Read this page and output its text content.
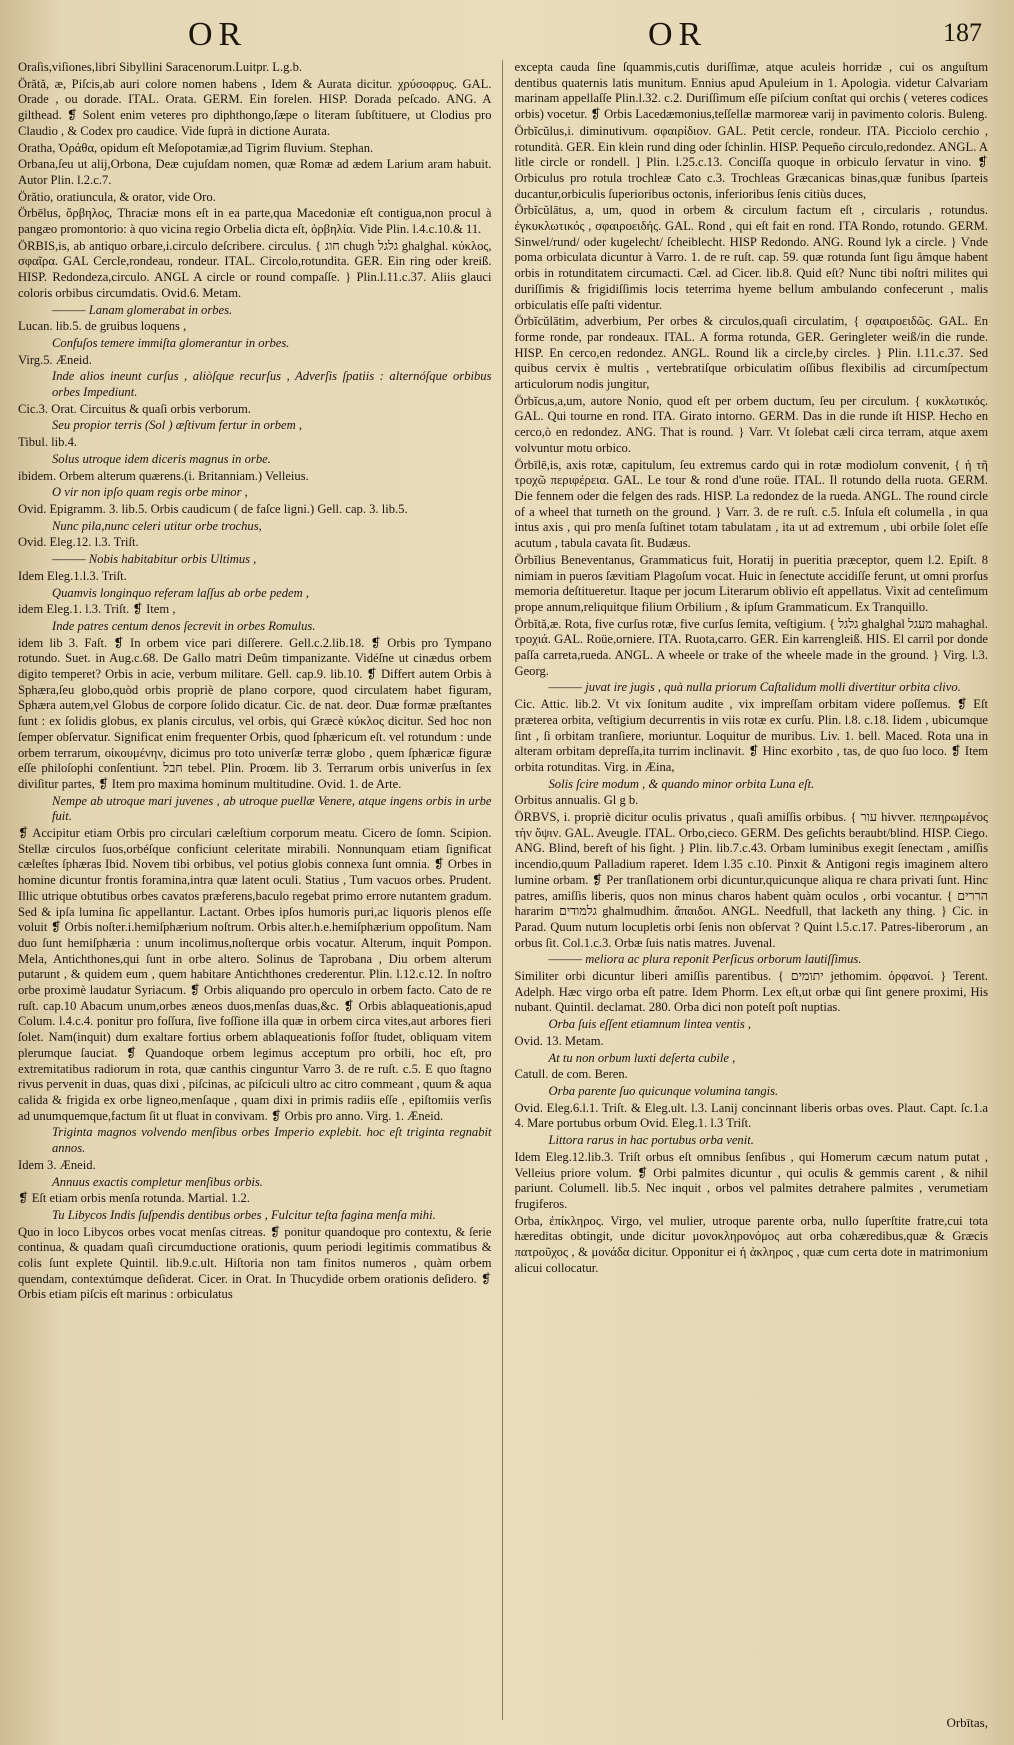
OR	OR	187

Oraſis,viſiones,libri Sibyllini Saracenorum.Luitpr. L.g.b.

Örătă, æ, Piſcis,ab auri colore nomen habens , Idem & Aurata dicitur. χρύσοφρυς. GAL. Orade , ou dorade. ITAL. Orata. GERM. Ein forelen. HISP. Dorada peſcado. ANG. A gilthead. ❡ Solent enim veteres pro diphthongo,ſæpe o literam ſubſtituere, ut Clodius pro Claudio , & Codex pro caudice. Vide ſuprà in dictione Aurata.

Oratha, Ὀράθα, opidum eſt Meſopotamiæ,ad Tigrim fluvium. Stephan.

Orbana,ſeu ut alij,Orbona, Deæ cujuſdam nomen, quæ Romæ ad ædem Larium aram habuit. Autor Plin. l.2.c.7.

Örătio, oratiuncula, & orator, vide Oro.

Örbēlus, ὄρβηλος, Thraciæ mons eſt in ea parte,qua Macedoniæ eſt contigua,non procul à pangæo promontorio: à quo vicina regio Orbelia dicta eſt, ὀρβηλία. Vide Plin. l.4.c.10.& 11.

ÖRBIS,is, ab antiquo orbare,i.circulo deſcribere. circulus. { חוג chugh גלגל ghalghal. κύκλος, σφαῖρα. GAL Cercle,rondeau, rondeur. ITAL. Circolo,rotundita. GER. Ein ring oder kreiß. HISP. Redondeza,circulo. ANGL A circle or round compaſſe. } Plin.l.11.c.37. Aliis glauci coloris orbibus circumdatis. Ovid.6. Metam.

——— Lanam glomerabat in orbes.

Lucan. lib.5. de gruibus loquens ,

Confuſos temere immiſta glomerantur in orbes.

Virg.5. Æneid.

Inde alios ineunt curſus , aliòſque recurſus , Adverſis ſpatiis : alternóſque orbibus orbes Impediunt.

Cic.3. Orat. Circuitus & quaſi orbis verborum.

Seu propior terris (Sol ) æſtivum fertur in orbem ,

Tibul. lib.4.

Solus utroque idem diceris magnus in orbe.

ibidem. Orbem alterum quærens.(i. Britanniam.) Velleius.

O vir non ipſo quam regis orbe minor ,

Ovid. Epigramm. 3. lib.5. Orbis caudicum ( de faſce ligni.) Gell. cap. 3. lib.5.

Nunc pila,nunc celeri utitur orbe trochus,

Ovid. Eleg.12. l.3. Triſt.

——— Nobis habitabitur orbis Ultimus ,

Idem Eleg.1.l.3. Triſt.

Quamvis longinquo referam laſſus ab orbe pedem ,

idem Eleg.1. l.3. Triſt. ❡ Item ,

Inde patres centum denos ſecrevit in orbes Romulus.

idem lib 3. Faſt. ❡ In orbem vice pari diſſerere. Gell.c.2.lib.18. ❡ Orbis pro Tympano rotundo. Suet. in Aug.c.68. De Gallo matri Deûm timpanizante. Vidéſne ut cinædus orbem digito temperet? Orbis in acie, verbum militare. Gell. cap.9. lib.10. ❡ Differt autem Orbis à Sphæra,ſeu globo,quòd orbis propriè de plano corpore, quod circulatem habet figuram, Sphæra autem,vel Globus de corpore ſolido dicatur. Cic. de nat. deor. Duæ formæ præſtantes ſunt : ex ſolidis globus, ex planis circulus, vel orbis, qui Græcè κύκλος dicitur. Sed hoc non ſemper obſervatur. Significat enim frequenter Orbis, quod ſphæricum eſt. vel rotundum : unde orbem terrarum, οἰκουμένην, dicimus pro toto univerſæ terræ globo , quem ſphæricæ figuræ eſſe philoſophi conſentiunt. חבל tebel. Plin. Proœm. lib 3. Terrarum orbis univerſus in ſex diviſitur partes, ❡ Item pro maxima hominum multitudine. Ovid. 1. de Arte.

Nempe ab utroque mari juvenes , ab utroque puellæ Venere, atque ingens orbis in urbe fuit.

❡ Accipitur etiam Orbis pro circulari cæleſtium corporum meatu. Cicero de ſomn. Scipion. Stellæ circulos ſuos,orbéſque conficiunt celeritate mirabili. Nonnunquam etiam ſignificat cæleſtes ſphæras Ibid. Novem tibi orbibus, vel potius globis connexa ſunt omnia. ❡ Orbes in homine dicuntur frontis foramina,intra quæ latent oculi. Statius , Tum vacuos orbes. Prudent. Illic utrique obtutibus orbes cavatos præferens,baculo regebat primo errore nutantem gradum. Sed & ipſa lumina ſic appellantur. Lactant. Orbes ipſos humoris puri,ac liquoris plenos eſſe voluit ❡ Orbis noſter.i.hemiſphærium noſtrum. Orbis alter.h.e.hemiſphærium oppoſitum. Nam duo ſunt hemiſphæria : unum incolimus,noſterque orbis vocatur. Alterum, inquit Pompon. Mela, Antichthones,qui ſunt in orbe altero. Solinus de Taprobana , Diu orbem alterum putarunt , & quidem eum , quem habitare Antichthones crederentur. Plin. l.12.c.12. In noſtro orbe proximè laudatur Syriacum. ❡ Orbis aliquando pro operculo in orbem facto. Cato de re ruſt. cap.10 Abacum unum,orbes æneos duos,menſas duas,&c. ❡ Orbis ablaqueationis,apud Colum. l.4.c.4. ponitur pro foſſura, ſive foſſione illa quæ in orbem circa vites,aut arbores fieri ſolet. Nam(inquit) dum exaltare fortius orbem ablaqueationis foſſor ſtudet, obliquam vitem plerumque ſauciat. ❡ Quandoque orbem legimus acceptum pro orbili, hoc eſt, pro extremitatibus radiorum in rota, quæ canthis cinguntur Varro 3. de re ruſt. c.5. E quo ſtagno rivus pervenit in duas, quas dixi , piſcinas, ac piſciculi ultro ac citro commeant , quum & aqua calida & frigida ex orbe ligneo,menſaque , quam dixi in primis radiis eſſe , epiſtomiis verſis ad unumquemque,factum ſit ut fluat in convivam. ❡ Orbis pro anno. Virg. 1. Æneid.

Triginta magnos volvendo menſibus orbes Imperio explebit. hoc eſt triginta regnabit annos.

Idem 3. Æneid.

Annuus exactis completur menſibus orbis.

❡ Eſt etiam orbis menſa rotunda. Martial. 1.2.

Tu Libycos Indis ſuſpendis dentibus orbes , Fulcitur teſta fagina menſa mihi.

Quo in loco Libycos orbes vocat menſas citreas. ❡ ponitur quandoque pro contextu, & ſerie continua, & quadam quaſi circumductione orationis, quum periodi legitimis commatibus & colis ſunt explete Quintil. lib.9.c.ult. Hiſtoria non tam finitos numeros , quàm orbem quendam, contextúmque deſiderat. Cicer. in Orat. In Thucydide orbem orationis deſidero. ❡ Orbis etiam piſcis eſt marinus : orbiculatus

excepta cauda ſine ſquammis,cutis duriſſimæ, atque aculeis horridæ , cui os anguſtum dentibus quaternis latis munitum. Ennius apud Apuleium in 1. Apologia. videtur Calvariam marinam appellaſſe Plin.l.32. c.2. Duriſſimum eſſe piſcium conſtat qui orchis ( veteres codices orbis) vocetur. ❡ Orbis Lacedæmonius,teſſellæ marmoreæ varij in pavimento coloris. Buleng.

Örbĭcŭlus,i. diminutivum. σφαιρίδιον. GAL. Petit cercle, rondeur. ITA. Picciolo cerchio , rotundità. GER. Ein klein rund ding oder ſchinlin. HISP. Pequeño circulo,redondez. ANGL. A litle circle or rondell. ] Plin. l.25.c.13. Conciſſa quoque in orbiculo ſervatur in vino. ❡ Orbiculus pro rotula trochleæ Cato c.3. Trochleas Græcanicas binas,quæ funibus ſparteis ducantur,orbiculis ſuperioribus octonis, inferioribus ſenis citiùs duces,

Örbĭcŭlātus, a, um, quod in orbem & circulum factum eſt , circularis , rotundus. ἐγκυκλωτικός , σφαιροειδής. GAL. Rond , qui eſt fait en rond. ITA Rondo, rotundo. GERM. Sinwel/rund/ oder kugelecht/ ſcheiblecht. HISP Redondo. ANG. Round lyk a circle. } Vnde poma orbiculata dicuntur à Varro. 1. de re ruſt. cap. 59. quæ rotunda ſunt ſigu âmque habent orbis in rotunditatem circumacti. Cæl. ad Cicer. lib.8. Quid eſt? Nunc tibi noſtri milites qui duriſſimis & frigidiſſimis locis teterrima hyeme bellum ambulando confecerunt , malis orbiculatis eſſe paſti videntur.

Örbĭcŭlātim, adverbium, Per orbes & circulos,quaſi circulatim, { σφαιροειδῶς. GAL. En forme ronde, par rondeaux. ITAL. A forma rotunda, GER. Geringleter weiß/in die runde. HISP. En cerco,en redondez. ANGL. Round lik a circle,by circles. } Plin. l.11.c.37. Sed quibus cervix è multis , vertebratiſque orbiculatim oſſibus flexibilis ad circumſpectum articulorum nodis jungitur,

Örbĭcus,a,um, autore Nonio, quod eſt per orbem ductum, ſeu per circulum. { κυκλωτικός. GAL. Qui tourne en rond. ITA. Girato intorno. GERM. Das in die runde iſt HISP. Hecho en cerco,ò en redondez. ANG. That is round. } Varr. Vt ſolebat cæli circa terram, atque axem volvuntur motu orbico.

Örbīlē,is, axis rotæ, capitulum, ſeu extremus cardo qui in rotæ modiolum convenit, { ἡ τῆ τροχῶ περιφέρεια. GAL. Le tour & rond d'une roüe. ITAL. Il rotundo della ruota. GERM. Die fennem oder die felgen des rads. HISP. La redondez de la rueda. ANGL. The round circle of a wheel that turneth on the ground. } Varr. 3. de re ruſt. c.5. Inſula eſt columella , in qua intus axis , qui pro menſa ſuſtinet totam tabulatam , ita ut ad extremum , ubi orbile ſolet eſſe acutum , tabula cavata ſit. Budæus.

Örbĭlius Beneventanus, Grammaticus fuit, Horatij in pueritia præceptor, quem l.2. Epiſt. 8 nimiam in pueros ſævitiam Plagoſum vocat. Huic in ſenectute accidiſſe ferunt, ut omni prorſus memoria deſtitueretur. Itaque per jocum Literarum oblivio eſt appellatus. Vixit ad centeſimum prope annum,reliquitque filium Orbilium , & ipſum Grammaticum. Ex Tranquillo.

Örbĭtă,æ. Rota, five curſus rotæ, five curſus ſemita, veſtigium. { גלגל ghalghal מעגל mahaghal. τροχιά. GAL. Roüe,orniere. ITA. Ruota,carro. GER. Ein karrengleiß. HIS. El carril por donde paſſa carreta,rueda. ANGL. A wheele or trake of the wheele made in the ground. } Virg. l.3. Georg.

——— juvat ire jugis , quà nulla priorum Caſtalidum molli divertitur orbita clivo.

Cic. Attic. lib.2. Vt vix ſonitum audite , vix impreſſam orbitam videre poſſemus. ❡ Eſt præterea orbita, veſtigium decurrentis in viis rotæ ex curſu. Plin. l.8. c.18. Iidem , ubicumque ſint , ſi orbitam tranſiere, moriuntur. Loquitur de muribus. Liv. 1. bell. Maced. Rota una in alteram orbitam depreſſa,ita turrim inclinavit. ❡ Hinc exorbito , tas, de quo ſuo loco. ❡ Item orbita rotunditas. Virg. in Æina,

Solis ſcire modum , & quando minor orbita Luna eſt.

Orbitus annualis. Gl g b.

ÖRBVS, i. propriè dicitur oculis privatus , quaſi amiſſis orbibus. { עור hivver. πεπηρωμένος τὴν ὄψιν. GAL. Aveugle. ITAL. Orbo,cieco. GERM. Des geſichts beraubt/blind. HISP. Ciego. ANG. Blind, bereft of his ſight. } Plin. lib.7.c.43. Orbam luminibus exegit ſenectam , amiſſis incendio,quum Palladium raperet. Idem l.35 c.10. Pinxit & Antigoni regis imaginem altero lumine orbam. ❡ Per tranſlationem orbi dicuntur,quicunque aliqua re chara privati ſunt. Hinc patres, amiſſis liberis, quos non minus charos habent quàm oculos , orbi vocantur. { הררים hararim גלמודים ghalmudhim. ἄπαιδοι. ANGL. Needfull, that lacketh any thing. } Cic. in Parad. Quum nutum locupletis orbi ſenis non obſervat ? Quint l.5.c.17. Patres-liberorum , an orbus ſit. Col.1.c.3. Orbæ ſuis natis matres. Juvenal.

——— meliora ac plura reponit Perſicus orborum lautiſſimus.

Similiter orbi dicuntur liberi amiſſis parentibus. { יתומים jethomim. ὀρφανοί. } Terent. Adelph. Hæc virgo orba eſt patre. Idem Phorm. Lex eſt,ut orbæ qui ſint genere proximi, His nubant. Quintil. declamat. 280. Orba dici non poteſt poſt nuptias.

Orba ſuis eſſent etiamnum lintea ventis ,

Ovid. 13. Metam.

At tu non orbum luxti deſerta cubile ,

Catull. de com. Beren.

Orba parente ſuo quicunque volumina tangis.

Ovid. Eleg.6.l.1. Triſt. & Eleg.ult. l.3. Lanij concinnant liberis orbas oves. Plaut. Capt. ſc.1.a 4. Mare portubus orbum Ovid. Eleg.1. l.3 Triſt.

Littora rarus in hac portubus orba venit.

Idem Eleg.12.lib.3. Triſt orbus eſt omnibus ſenſibus , qui Homerum cæcum natum putat , Velleius priore volum. ❡ Orbi palmites dicuntur , qui oculis & gemmis carent , & nihil pariunt. Columell. lib.5. Nec inquit , orbos vel palmites detrahere palmites , verumetiam frugiferos.

Orba, ἐπίκληρος. Virgo, vel mulier, utroque parente orba, nullo ſuperſtite fratre,cui tota hæreditas obtingit, unde dicitur μονοκληρονόμος aut orba cohæredibus,quæ & Græcis πατροῦχος , & μονάδα dicitur. Opponitur ei ἡ ἀκληρος , quæ cum certa dote in matrimonium alicui collocatur.

Orbītas,
